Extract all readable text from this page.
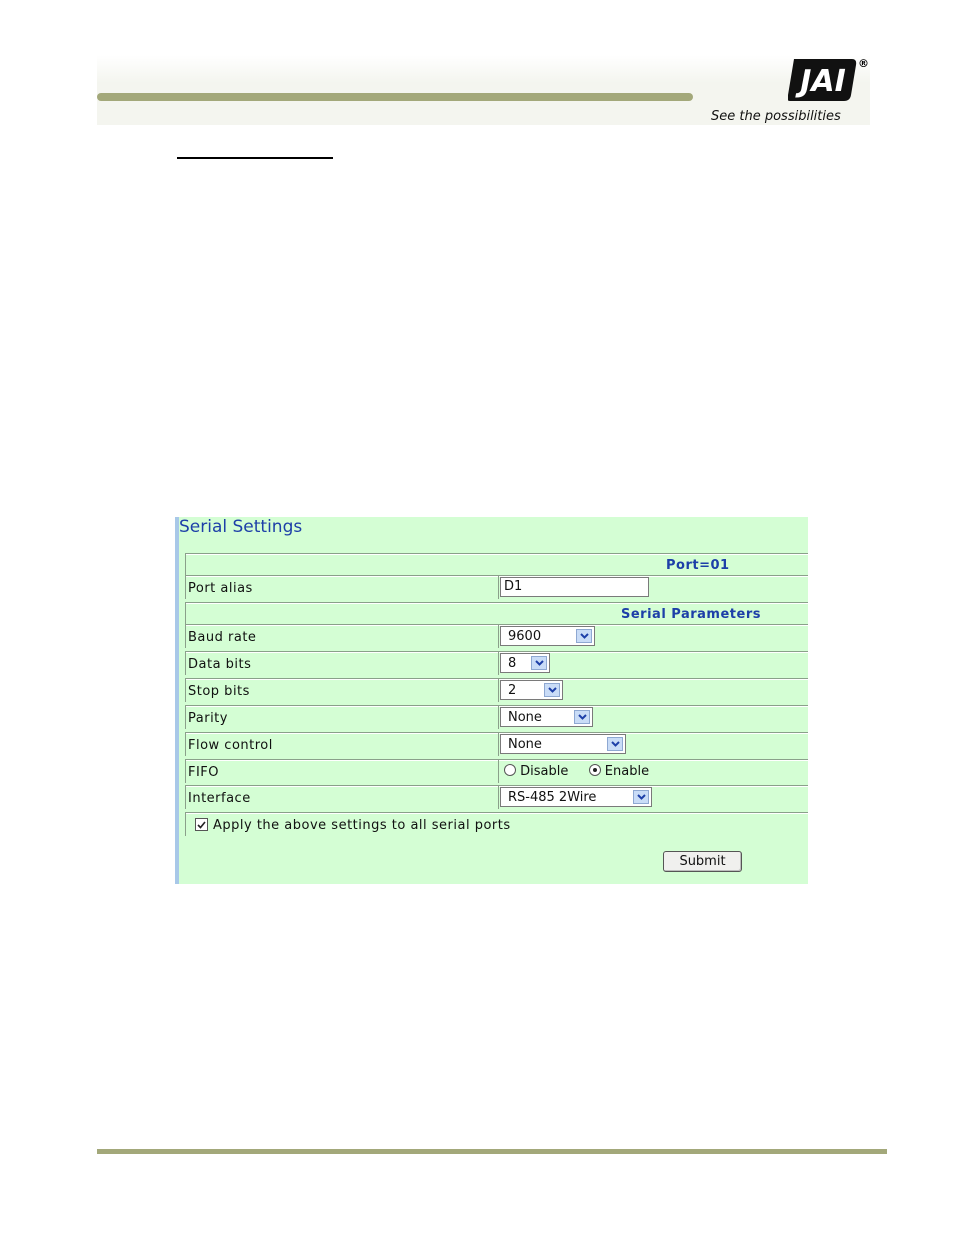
JAI
®
See the possibilities
Serial Settings
Port=01
Port alias	D1
Serial Parameters
Baud rate	9600
Data bits	8
Stop bits	2
Parity	None
Flow control	None
FIFO	Disable	Enable
Interface	RS-485 2Wire
Apply the above settings to all serial ports
Submit
